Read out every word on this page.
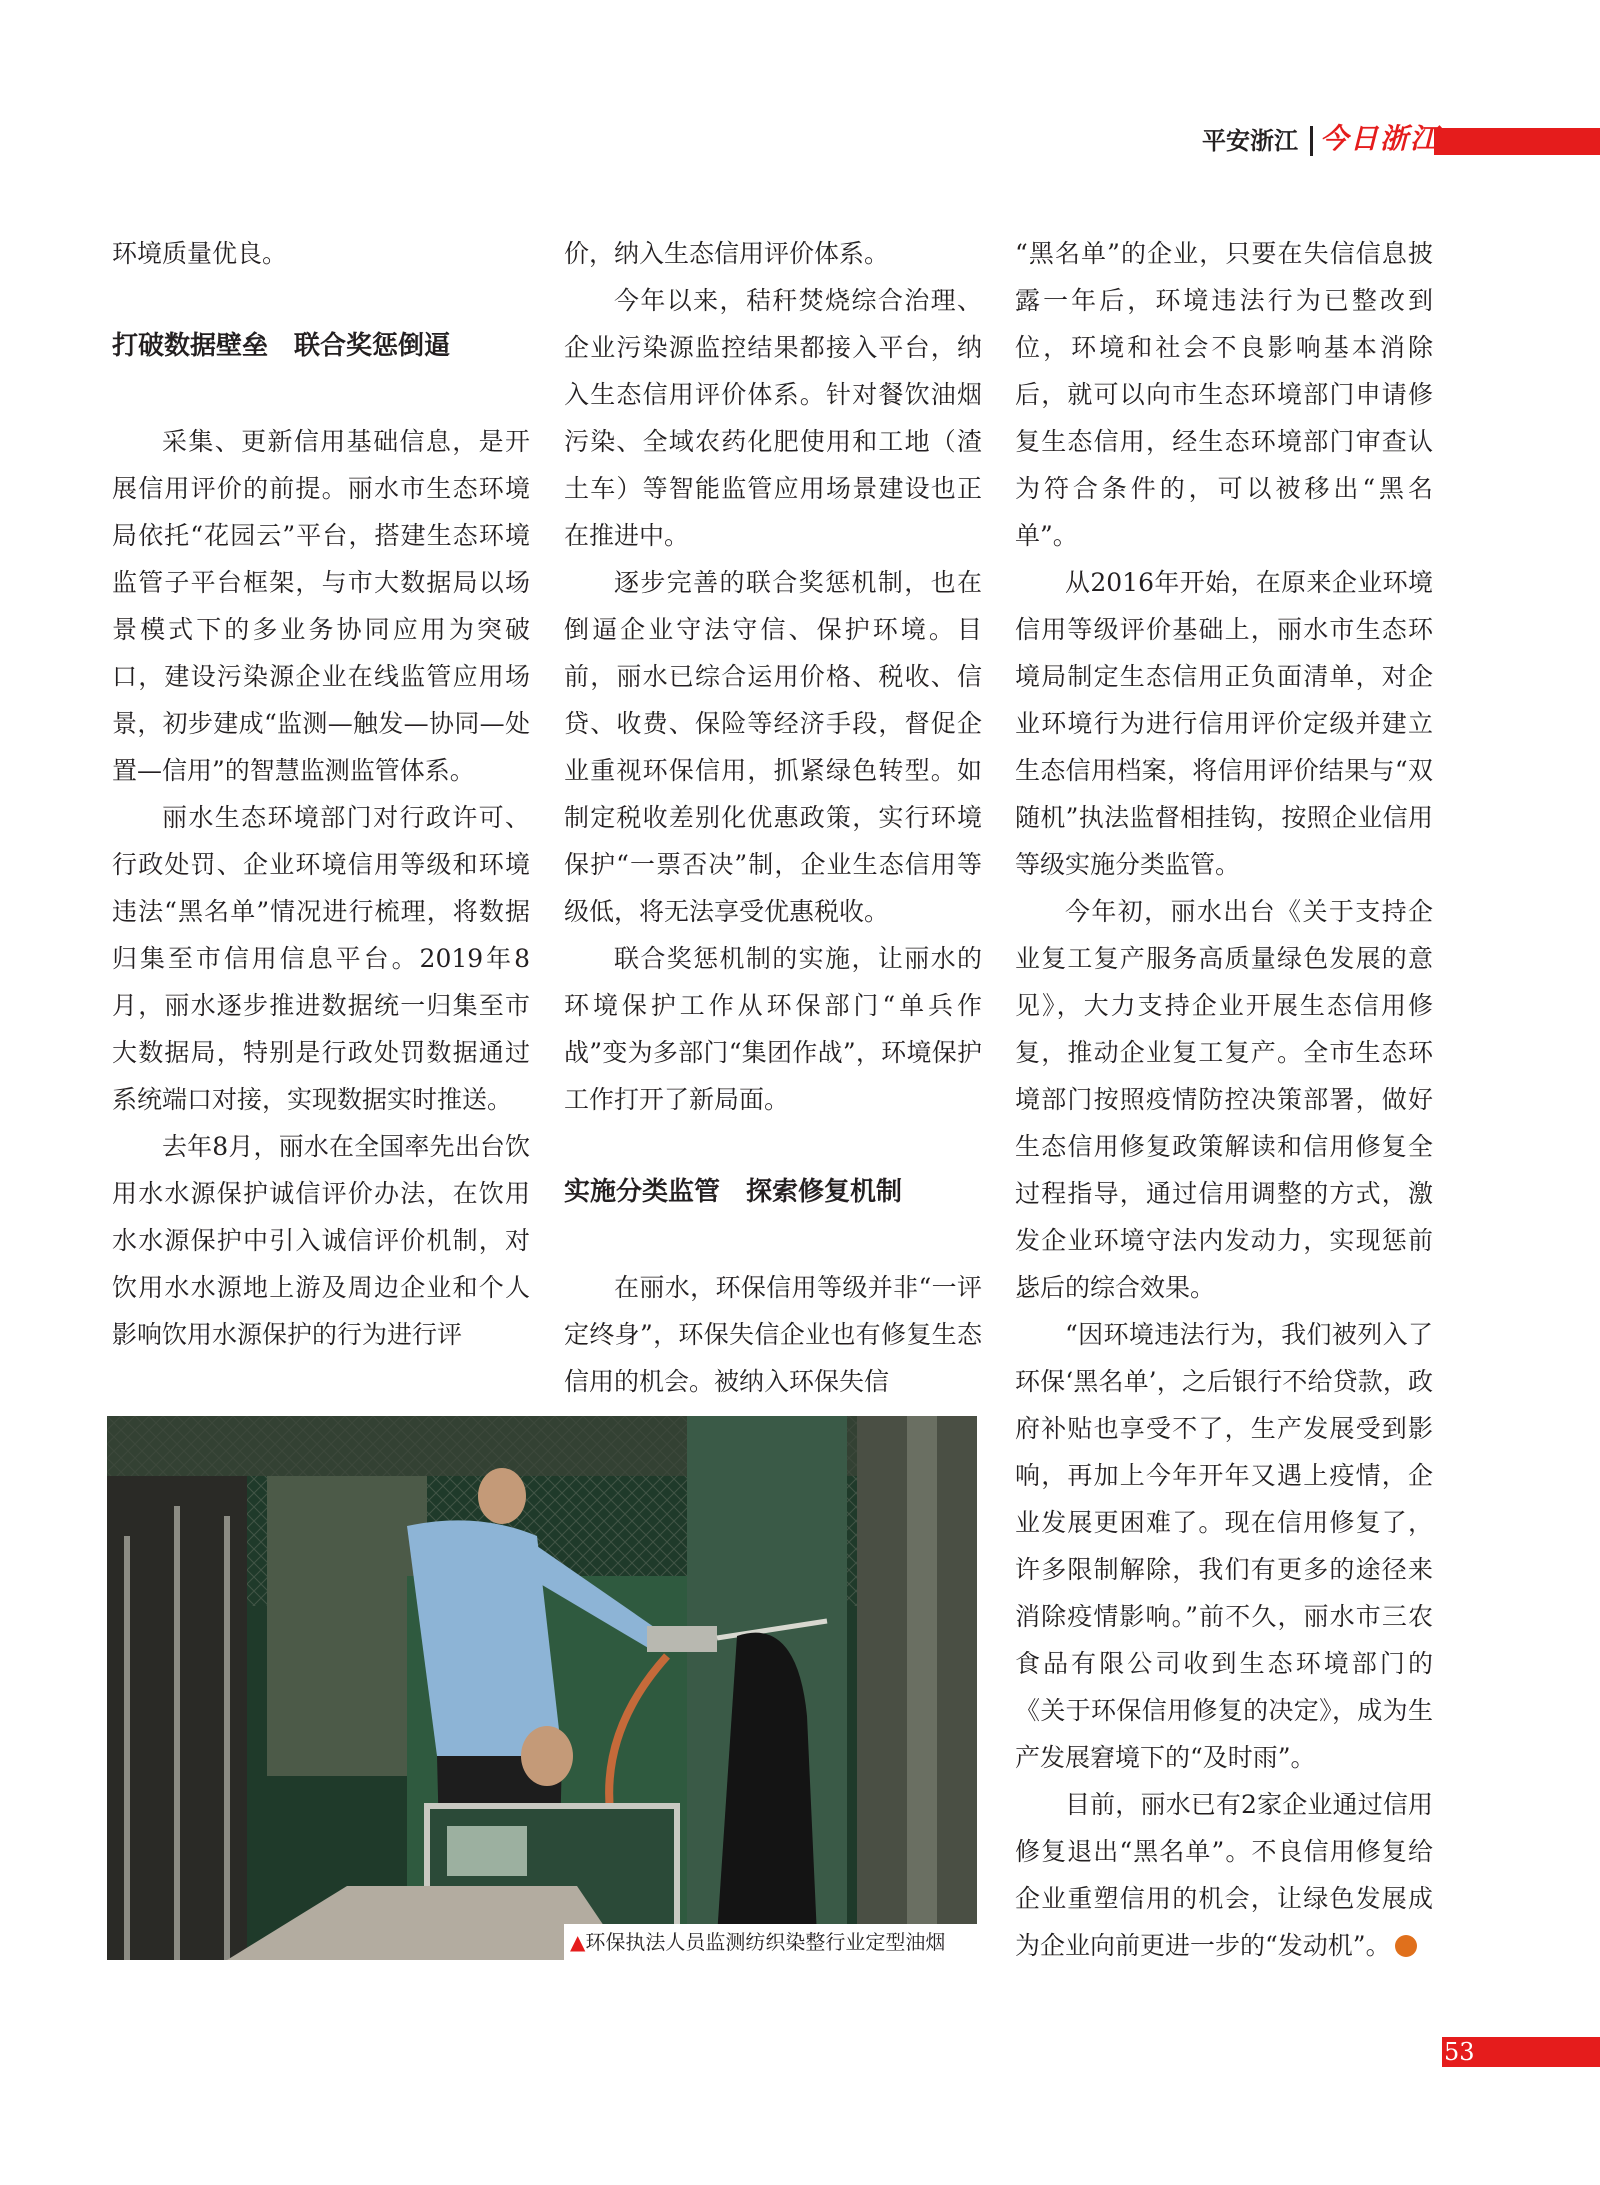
平安浙江 今日浙江

环境质量优良。

打破数据壁垒　联合奖惩倒逼

采集、更新信用基础信息，是开展信用评价的前提。丽水市生态环境局依托“花园云”平台，搭建生态环境监管子平台框架，与市大数据局以场景模式下的多业务协同应用为突破口，建设污染源企业在线监管应用场景，初步建成“监测—触发—协同—处置—信用”的智慧监测监管体系。

丽水生态环境部门对行政许可、行政处罚、企业环境信用等级和环境违法“黑名单”情况进行梳理，将数据归集至市信用信息平台。2019年8月，丽水逐步推进数据统一归集至市大数据局，特别是行政处罚数据通过系统端口对接，实现数据实时推送。

去年8月，丽水在全国率先出台饮用水水源保护诚信评价办法，在饮用水水源保护中引入诚信评价机制，对饮用水水源地上游及周边企业和个人影响饮用水源保护的行为进行评

价，纳入生态信用评价体系。

今年以来，秸秆焚烧综合治理、企业污染源监控结果都接入平台，纳入生态信用评价体系。针对餐饮油烟污染、全域农药化肥使用和工地（渣土车）等智能监管应用场景建设也正在推进中。

逐步完善的联合奖惩机制，也在倒逼企业守法守信、保护环境。目前，丽水已综合运用价格、税收、信贷、收费、保险等经济手段，督促企业重视环保信用，抓紧绿色转型。如制定税收差别化优惠政策，实行环境保护“一票否决”制，企业生态信用等级低，将无法享受优惠税收。

联合奖惩机制的实施，让丽水的环境保护工作从环保部门“单兵作战”变为多部门“集团作战”，环境保护工作打开了新局面。

实施分类监管　探索修复机制

在丽水，环保信用等级并非“一评定终身”，环保失信企业也有修复生态信用的机会。被纳入环保失信

“黑名单”的企业，只要在失信信息披露一年后，环境违法行为已整改到位，环境和社会不良影响基本消除后，就可以向市生态环境部门申请修复生态信用，经生态环境部门审查认为符合条件的，可以被移出“黑名单”。

从2016年开始，在原来企业环境信用等级评价基础上，丽水市生态环境局制定生态信用正负面清单，对企业环境行为进行信用评价定级并建立生态信用档案，将信用评价结果与“双随机”执法监督相挂钩，按照企业信用等级实施分类监管。

今年初，丽水出台《关于支持企业复工复产服务高质量绿色发展的意见》，大力支持企业开展生态信用修复，推动企业复工复产。全市生态环境部门按照疫情防控决策部署，做好生态信用修复政策解读和信用修复全过程指导，通过信用调整的方式，激发企业环境守法内发动力，实现惩前毖后的综合效果。

“因环境违法行为，我们被列入了环保‘黑名单’，之后银行不给贷款，政府补贴也享受不了，生产发展受到影响，再加上今年开年又遇上疫情，企业发展更困难了。现在信用修复了，许多限制解除，我们有更多的途径来消除疫情影响。”前不久，丽水市三农食品有限公司收到生态环境部门的《关于环保信用修复的决定》，成为生产发展窘境下的“及时雨”。

目前，丽水已有2家企业通过信用修复退出“黑名单”。不良信用修复给企业重塑信用的机会，让绿色发展成为企业向前更进一步的“发动机”。

▲环保执法人员监测纺织染整行业定型油烟
53
